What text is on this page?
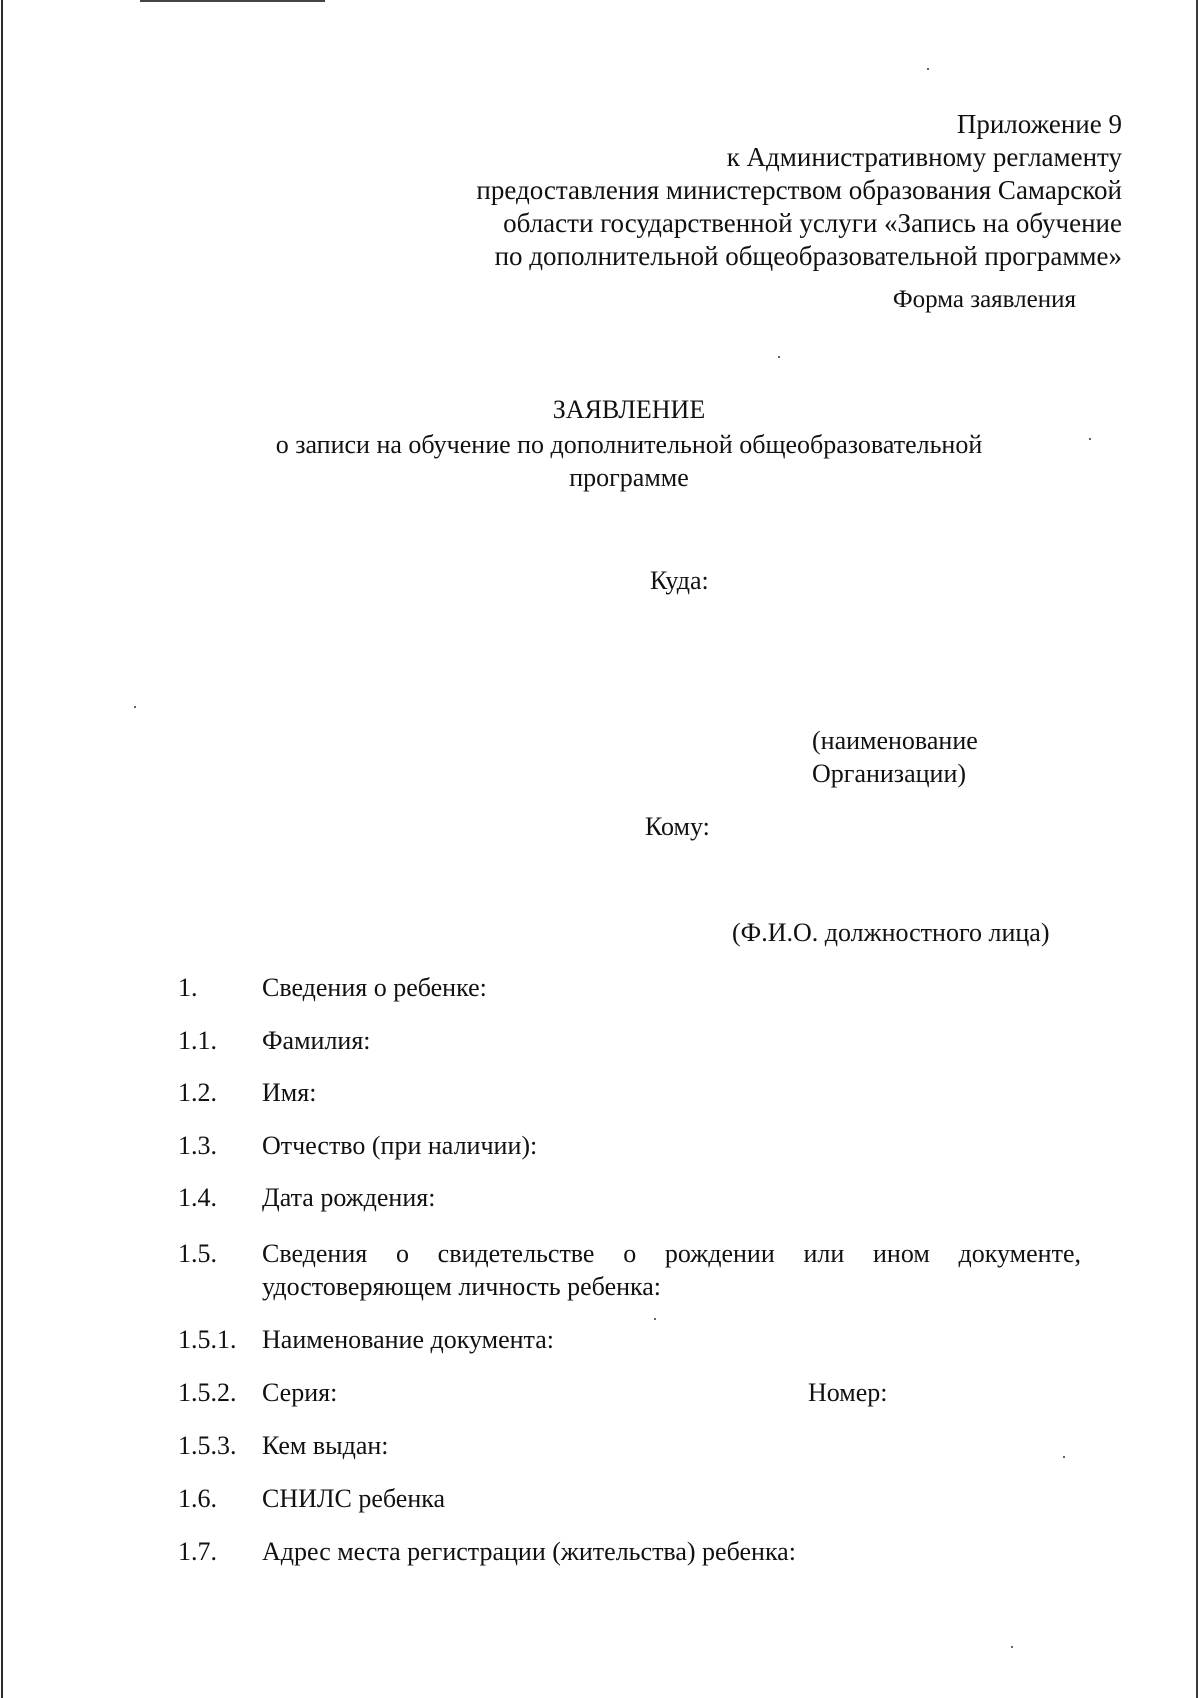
Приложение 9
к Административному регламенту
предоставления министерством образования Самарской
области государственной услуги «Запись на обучение
по дополнительной общеобразовательной программе»
Форма заявления
ЗАЯВЛЕНИЕ
о записи на обучение по дополнительной общеобразовательной
программе
Куда:
(наименование
Организации)
Кому:
(Ф.И.О. должностного лица)
1. Сведения о ребенке:
1.1. Фамилия:
1.2. Имя:
1.3. Отчество (при наличии):
1.4. Дата рождения:
1.5. Сведения о свидетельстве о рождении или ином документе, удостоверяющем личность ребенка:
1.5.1. Наименование документа:
1.5.2. Серия:	Номер:
1.5.3. Кем выдан:
1.6. СНИЛС ребенка
1.7. Адрес места регистрации (жительства) ребенка:
